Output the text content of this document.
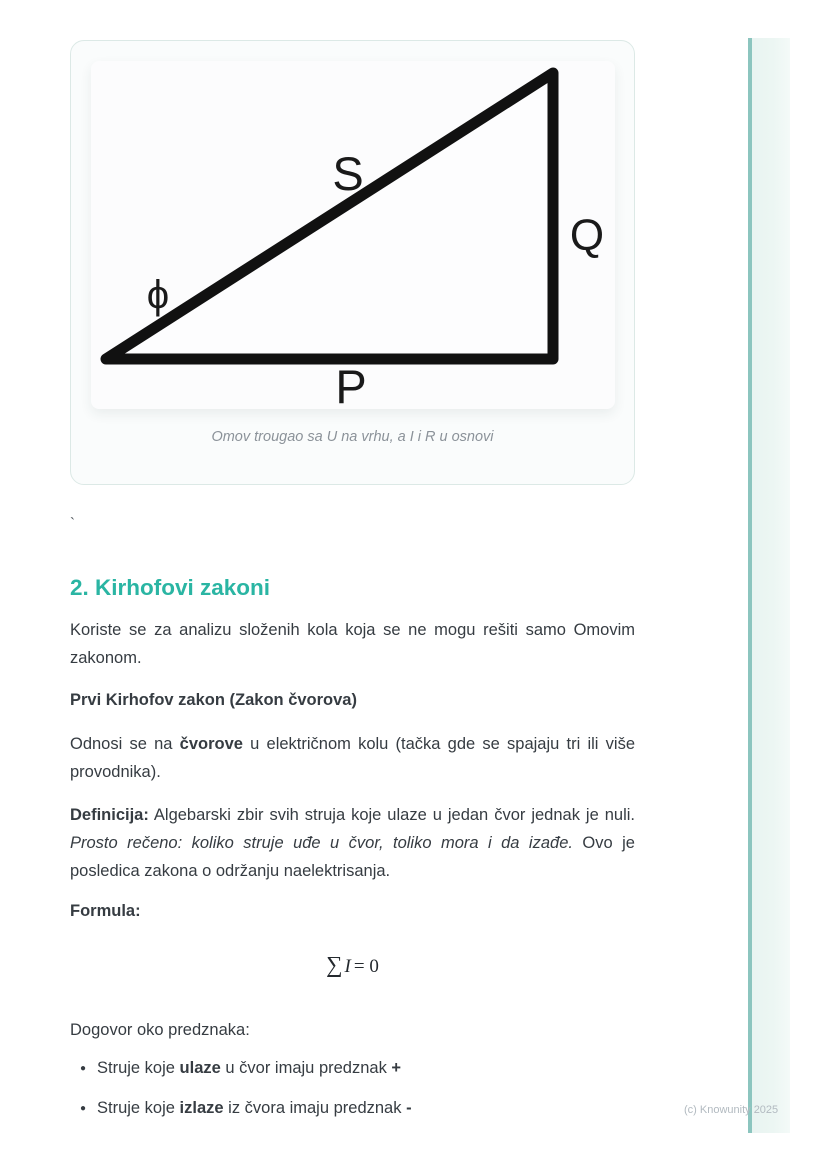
S
Q
P
ϕ
Omov trougao sa U na vrhu, a I i R u osnovi
`
2. Kirhofovi zakoni

Koriste se za analizu složenih kola koja se ne mogu rešiti samo Omovim zakonom.

Prvi Kirhofov zakon (Zakon čvorova)

Odnosi se na čvorove u električnom kolu (tačka gde se spajaju tri ili više provodnika).

Definicija: Algebarski zbir svih struja koje ulaze u jedan čvor jednak je nuli. Prosto rečeno: koliko struje uđe u čvor, toliko mora i da izađe. Ovo je posledica zakona o održanju naelektrisanja.

Formula:

∑ I = 0

Dogovor oko predznaka:

● Struje koje ulaze u čvor imaju predznak +
● Struje koje izlaze iz čvora imaju predznak -	(c) Knowunity 2025
